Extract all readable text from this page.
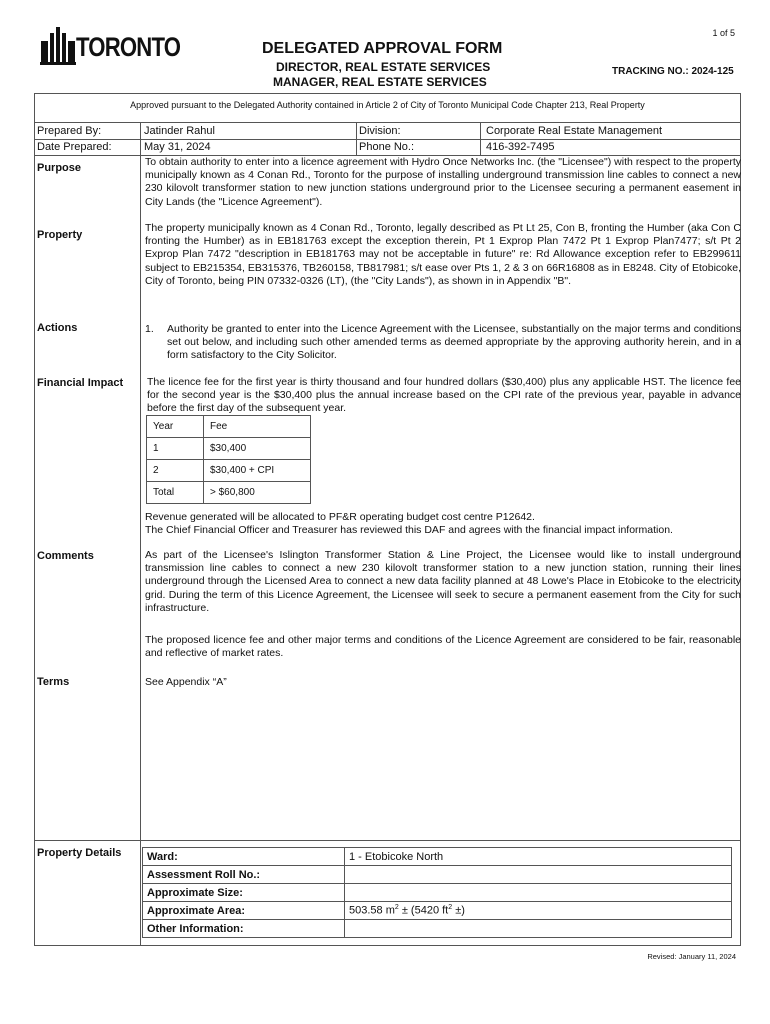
1 of 5
TORONTO	DELEGATED APPROVAL FORM
DIRECTOR, REAL ESTATE SERVICES
MANAGER, REAL ESTATE SERVICES
TRACKING NO.: 2024-125
Approved pursuant to the Delegated Authority contained in Article 2 of City of Toronto Municipal Code Chapter 213, Real Property
Prepared By:	Jatinder Rahul	Division:	Corporate Real Estate Management
Date Prepared:	May 31, 2024	Phone No.:	416-392-7495
Purpose	To obtain authority to enter into a licence agreement with Hydro Once Networks Inc. (the "Licensee") with respect to the property municipally known as 4 Conan Rd., Toronto for the purpose of installing underground transmission line cables to connect a new 230 kilovolt transformer station to new junction stations underground prior to the Licensee securing a permanent easement in City Lands (the "Licence Agreement").
Property
The property municipally known as 4 Conan Rd., Toronto, legally described as Pt Lt 25, Con B, fronting the Humber (aka Con C fronting the Humber) as in EB181763 except the exception therein, Pt 1 Exprop Plan 7472 Pt 1 Exprop Plan7477; s/t Pt 2 Exprop Plan 7472 "description in EB181763 may not be acceptable in future" re: Rd Allowance exception refer to EB299611 subject to EB215354, EB315376, TB260158, TB817981; s/t ease over Pts 1, 2 & 3 on 66R16808 as in E8248. City of Etobicoke, City of Toronto, being PIN 07332-0326 (LT), (the "City Lands"), as shown in in Appendix "B".
Actions	1. Authority be granted to enter into the Licence Agreement with the Licensee, substantially on the major terms and conditions set out below, and including such other amended terms as deemed appropriate by the approving authority herein, and in a form satisfactory to the City Solicitor.
Financial Impact The licence fee for the first year is thirty thousand and four hundred dollars ($30,400) plus any applicable HST. The licence fee for the second year is the $30,400 plus the annual increase based on the CPI rate of the previous year, payable in advance before the first day of the subsequent year.
Year	Fee
1	$30,400
2	$30,400 + CPI
Total	> $60,800
Revenue generated will be allocated to PF&R operating budget cost centre P12642.
The Chief Financial Officer and Treasurer has reviewed this DAF and agrees with the financial impact information.
Comments	As part of the Licensee's Islington Transformer Station & Line Project, the Licensee would like to install underground transmission line cables to connect a new 230 kilovolt transformer station to a new junction station, running their lines underground through the Licensed Area to connect a new data facility planned at 48 Lowe's Place in Etobicoke to the electricity grid. During the term of this Licence Agreement, the Licensee will seek to secure a permanent easement from the City for such infrastructure.
The proposed licence fee and other major terms and conditions of the Licence Agreement are considered to be fair, reasonable and reflective of market rates.
Terms	See Appendix “A”
Property Details Ward:	1 - Etobicoke North
Assessment Roll No.:	
Approximate Size:	
Approximate Area:	503.58 $m^2 \pm (5420$ $ft^2$ ±)
Other Information:	
Revised: January 11, 2024
